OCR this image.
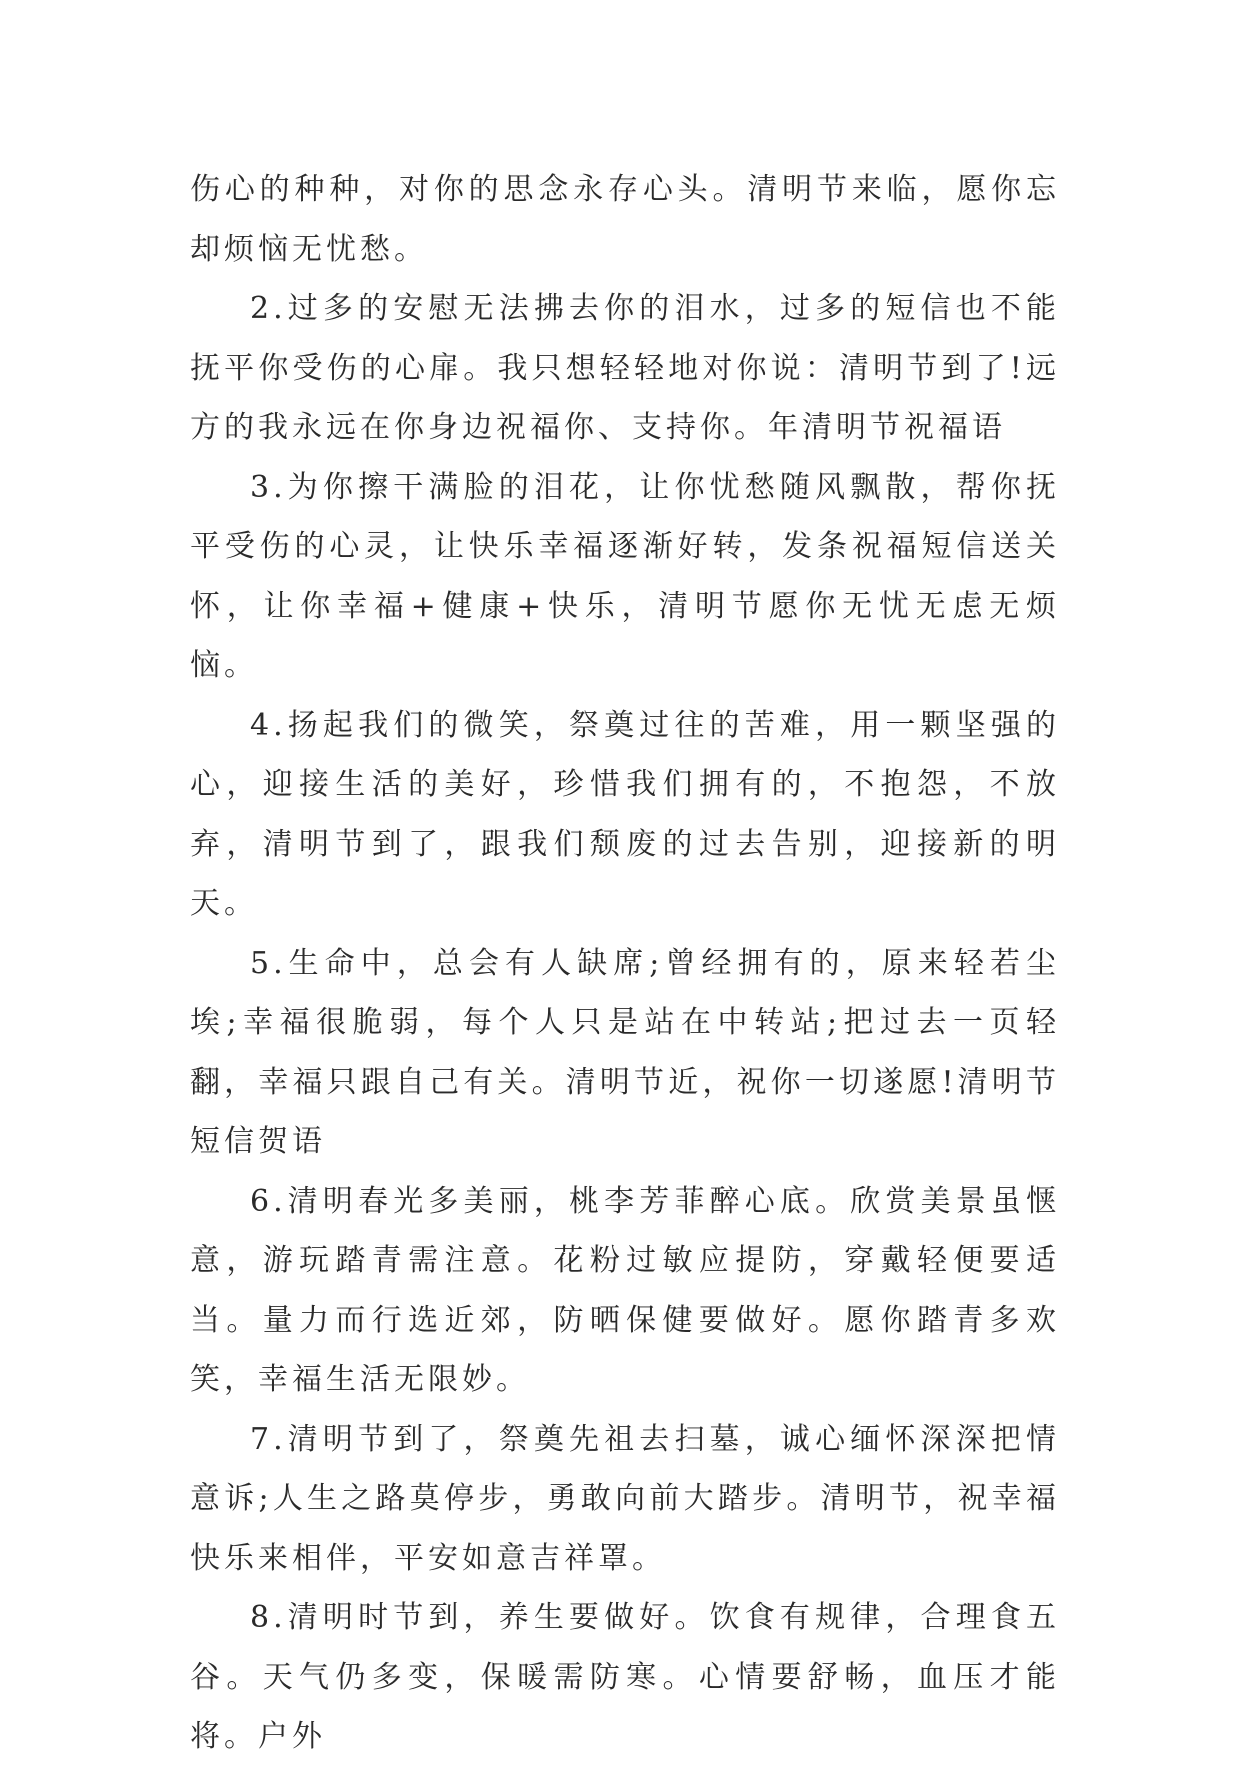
伤心的种种，对你的思念永存心头。清明节来临，愿你忘却烦恼无忧愁。

2.过多的安慰无法拂去你的泪水，过多的短信也不能抚平你受伤的心扉。我只想轻轻地对你说：清明节到了!远方的我永远在你身边祝福你、支持你。年清明节祝福语

3.为你擦干满脸的泪花，让你忧愁随风飘散，帮你抚平受伤的心灵，让快乐幸福逐渐好转，发条祝福短信送关怀，让你幸福+健康+快乐，清明节愿你无忧无虑无烦恼。

4.扬起我们的微笑，祭奠过往的苦难，用一颗坚强的心，迎接生活的美好，珍惜我们拥有的，不抱怨，不放弃，清明节到了，跟我们颓废的过去告别，迎接新的明天。

5.生命中，总会有人缺席;曾经拥有的，原来轻若尘埃;幸福很脆弱，每个人只是站在中转站;把过去一页轻翻，幸福只跟自己有关。清明节近，祝你一切遂愿!清明节短信贺语

6.清明春光多美丽，桃李芳菲醉心底。欣赏美景虽惬意，游玩踏青需注意。花粉过敏应提防，穿戴轻便要适当。量力而行选近郊，防晒保健要做好。愿你踏青多欢笑，幸福生活无限妙。

7.清明节到了，祭奠先祖去扫墓，诚心缅怀深深把情意诉;人生之路莫停步，勇敢向前大踏步。清明节，祝幸福快乐来相伴，平安如意吉祥罩。

8.清明时节到，养生要做好。饮食有规律，合理食五谷。天气仍多变，保暖需防寒。心情要舒畅，血压才能将。户外
